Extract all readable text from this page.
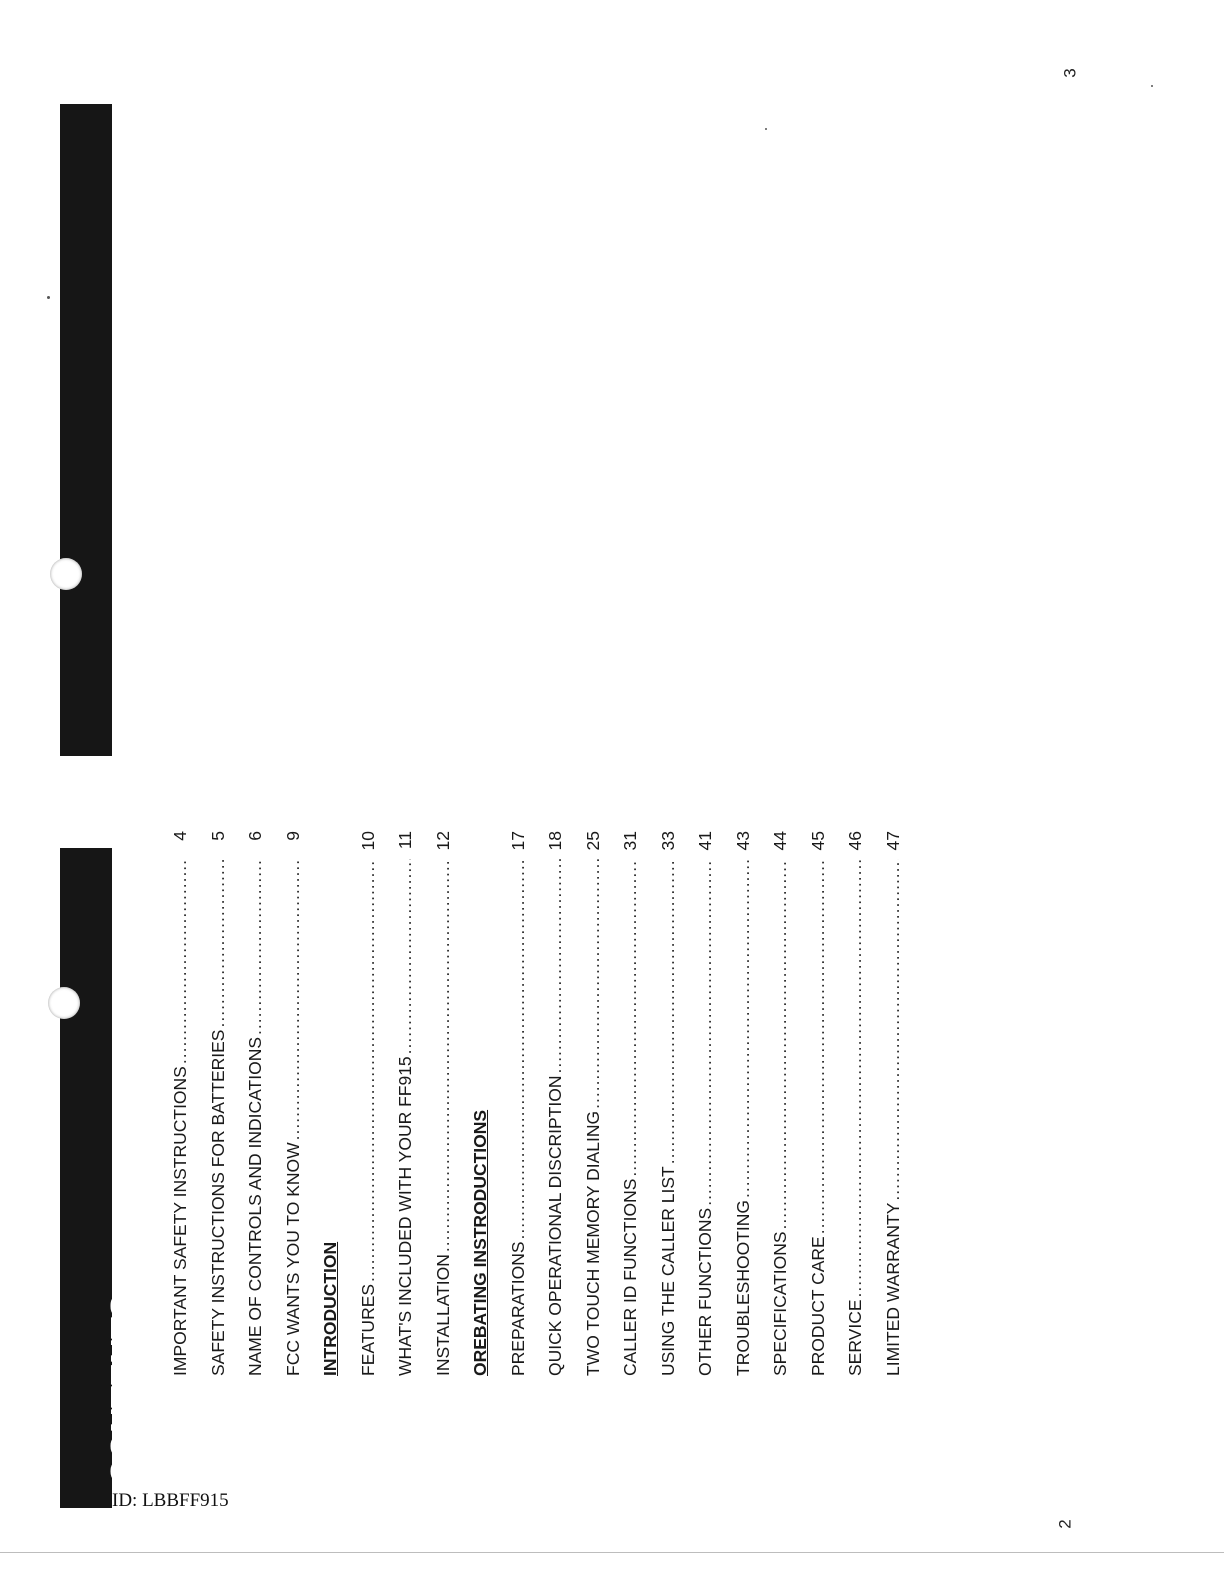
CONTENTS
ID: LBBFF915
IMPORTANT SAFETY INSTRUCTIONS
.....
4
SAFETY INSTRUCTIONS FOR BATTERIES
.....
5
NAME OF CONTROLS AND INDICATIONS
.....
6
FCC WANTS YOU TO KNOW
.....
9
INTRODUCTION FEATURES
.....
10
WHAT'S INCLUDED WITH YOUR FF915
.....
11
INSTALLATION
.....
12
OREBATING INSTRODUCTIONS PREPARATIONS
.....
17
QUICK OPERATIONAL DISCRIPTION
.....
18
TWO TOUCH MEMORY DIALING
.....
25
CALLER ID FUNCTIONS
.....
31
USING THE CALLER LIST
.....
33
OTHER FUNCTIONS
.....
41
TROUBLESHOOTING
.....
43
SPECIFICATIONS
.....
44
PRODUCT CARE
.....
45
SERVICE
.....
46
LIMITED WARRANTY
.....
47
2
3
